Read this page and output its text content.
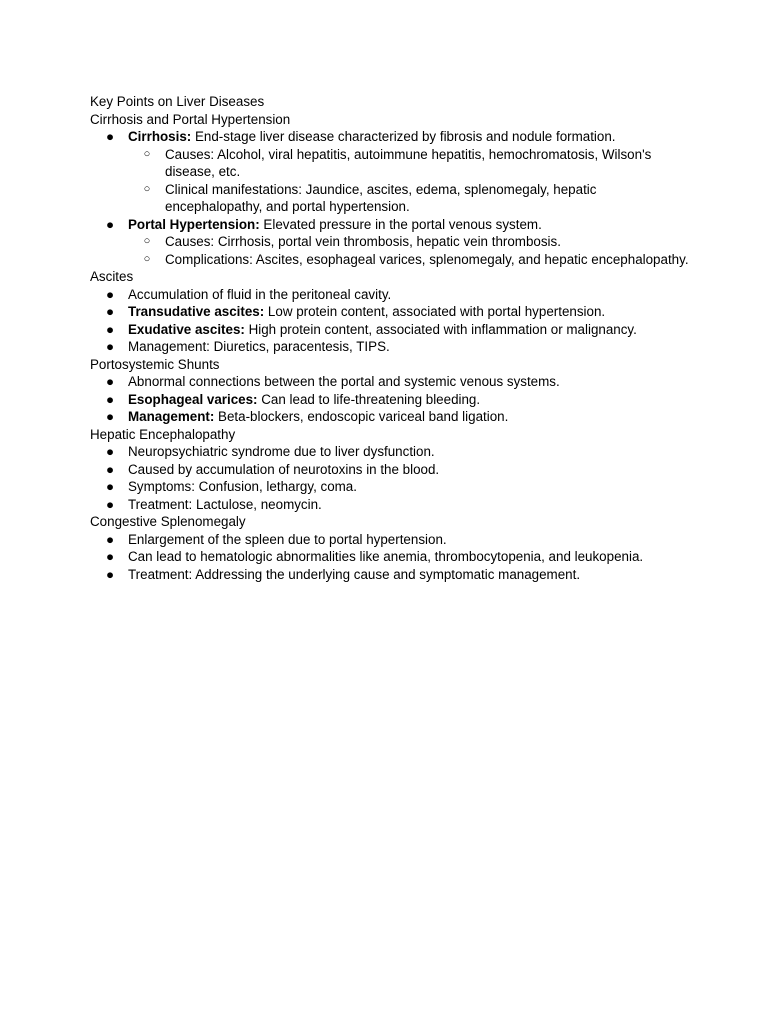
Key Points on Liver Diseases

Cirrhosis and Portal Hypertension

● Cirrhosis: End-stage liver disease characterized by fibrosis and nodule formation.
○ Causes: Alcohol, viral hepatitis, autoimmune hepatitis, hemochromatosis, Wilson's disease, etc.
○ Clinical manifestations: Jaundice, ascites, edema, splenomegaly, hepatic encephalopathy, and portal hypertension.
● Portal Hypertension: Elevated pressure in the portal venous system.
○ Causes: Cirrhosis, portal vein thrombosis, hepatic vein thrombosis.
○ Complications: Ascites, esophageal varices, splenomegaly, and hepatic encephalopathy.

Ascites

● Accumulation of fluid in the peritoneal cavity.
● Transudative ascites: Low protein content, associated with portal hypertension.
● Exudative ascites: High protein content, associated with inflammation or malignancy.
● Management: Diuretics, paracentesis, TIPS.

Portosystemic Shunts

● Abnormal connections between the portal and systemic venous systems.
● Esophageal varices: Can lead to life-threatening bleeding.
● Management: Beta-blockers, endoscopic variceal band ligation.

Hepatic Encephalopathy

● Neuropsychiatric syndrome due to liver dysfunction.
● Caused by accumulation of neurotoxins in the blood.
● Symptoms: Confusion, lethargy, coma.
● Treatment: Lactulose, neomycin.

Congestive Splenomegaly

● Enlargement of the spleen due to portal hypertension.
● Can lead to hematologic abnormalities like anemia, thrombocytopenia, and leukopenia.
● Treatment: Addressing the underlying cause and symptomatic management.
